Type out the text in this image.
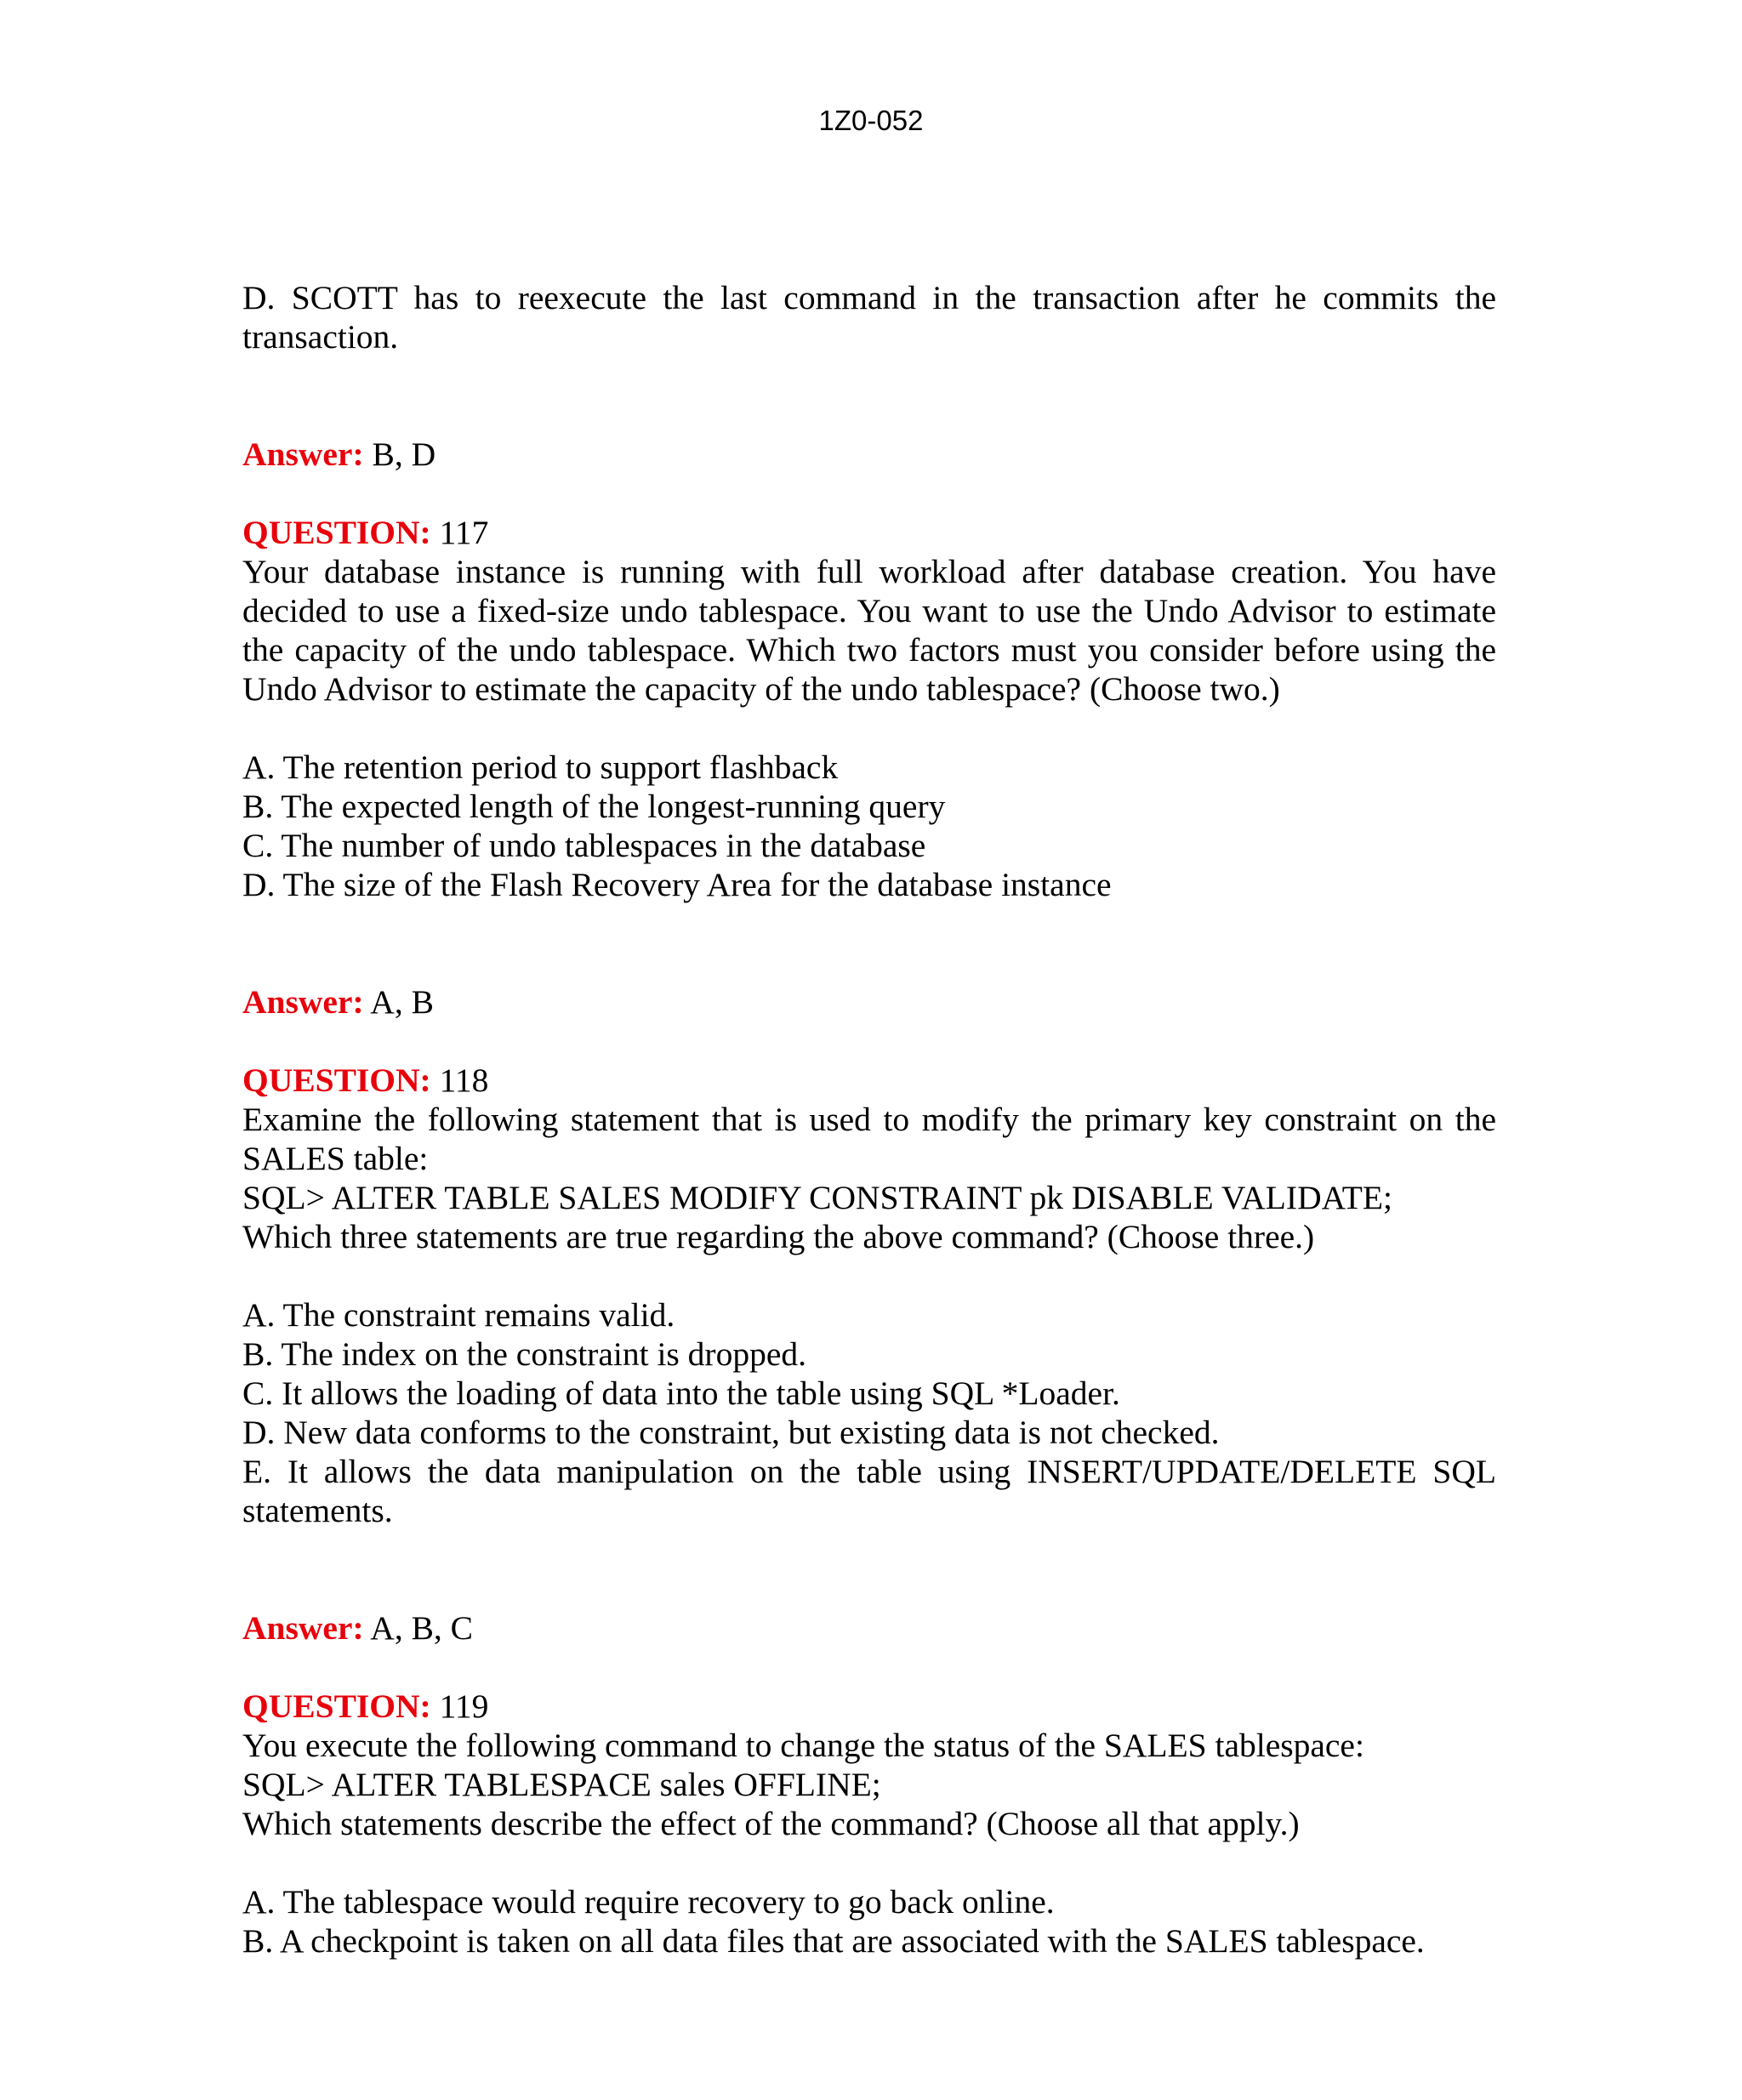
1Z0-052

D. SCOTT has to reexecute the last command in the transaction after he commits the transaction.

Answer: B, D

QUESTION: 117

Your database instance is running with full workload after database creation. You have decided to use a fixed-size undo tablespace. You want to use the Undo Advisor to estimate the capacity of the undo tablespace. Which two factors must you consider before using the Undo Advisor to estimate the capacity of the undo tablespace? (Choose two.)

A. The retention period to support flashback
B. The expected length of the longest-running query
C. The number of undo tablespaces in the database
D. The size of the Flash Recovery Area for the database instance

Answer: A, B

QUESTION: 118

Examine the following statement that is used to modify the primary key constraint on the SALES table:

SQL> ALTER TABLE SALES MODIFY CONSTRAINT pk DISABLE VALIDATE;

Which three statements are true regarding the above command? (Choose three.)

A. The constraint remains valid.
B. The index on the constraint is dropped.
C. It allows the loading of data into the table using SQL *Loader.
D. New data conforms to the constraint, but existing data is not checked.
E. It allows the data manipulation on the table using INSERT/UPDATE/DELETE SQL statements.

Answer: A, B, C

QUESTION: 119

You execute the following command to change the status of the SALES tablespace:

SQL> ALTER TABLESPACE sales OFFLINE;

Which statements describe the effect of the command? (Choose all that apply.)

A. The tablespace would require recovery to go back online.
B. A checkpoint is taken on all data files that are associated with the SALES tablespace.
